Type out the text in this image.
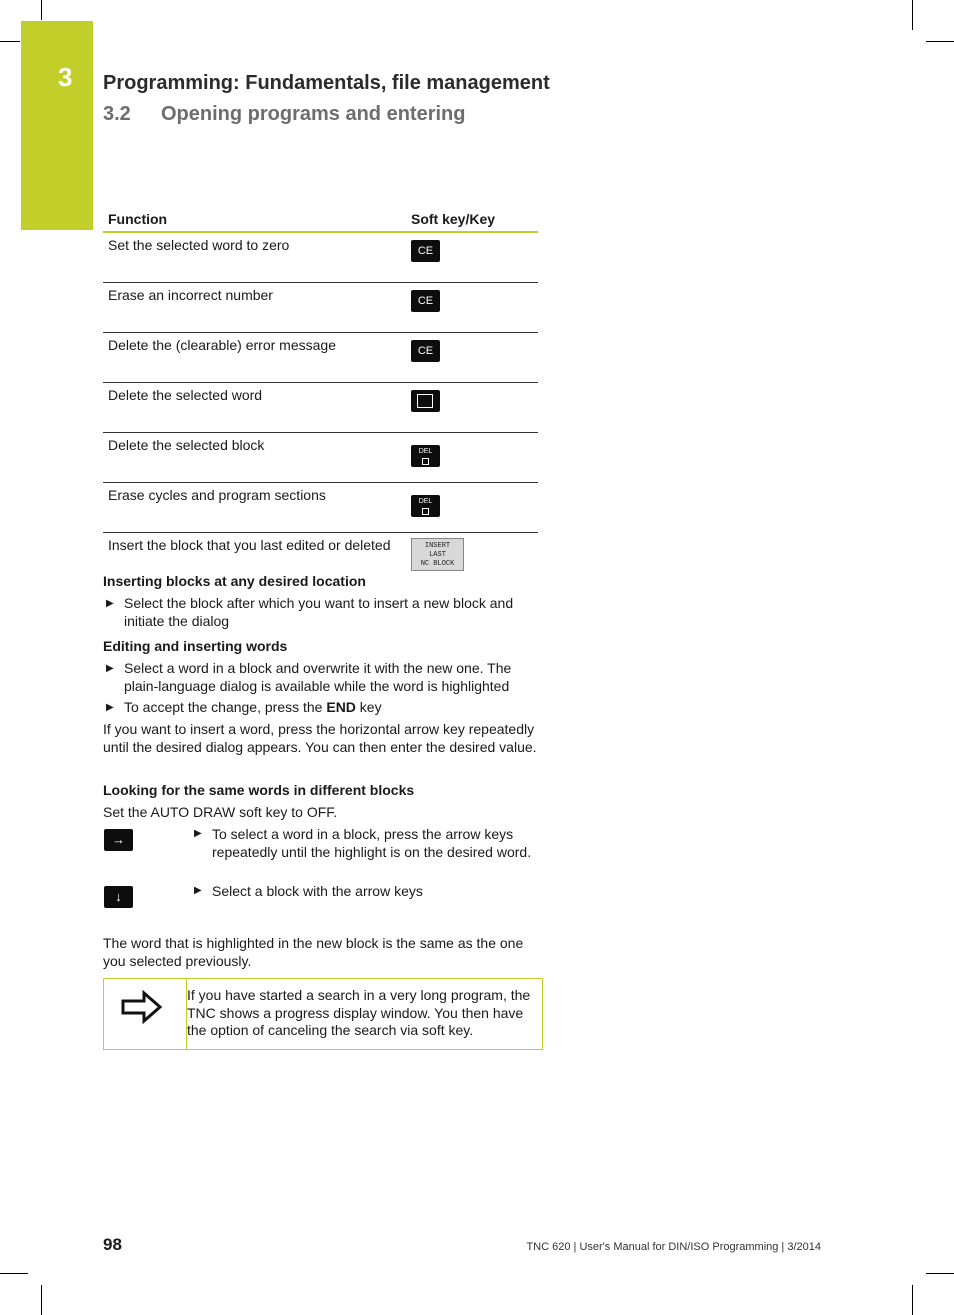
3 Programming: Fundamentals, file management
3.2 Opening programs and entering
Function	Soft key/Key
Set the selected word to zero	CE
Erase an incorrect number	CE
Delete the (clearable) error message	CE
Delete the selected word	
Delete the selected block	DEL

Erase cycles and program sections	DEL

Insert the block that you last edited or deleted	INSERT
LAST
NC BLOCK
Inserting blocks at any desired location
▶ Select the block after which you want to insert a new block and initiate the dialog
Editing and inserting words
▶ Select a word in a block and overwrite it with the new one. The plain-language dialog is available while the word is highlighted
▶ To accept the change, press the END key
If you want to insert a word, press the horizontal arrow key repeatedly until the desired dialog appears. You can then enter the desired value.
Looking for the same words in different blocks
Set the AUTO DRAW soft key to OFF.
→	▶ To select a word in a block, press the arrow keys repeatedly until the highlight is on the desired word.
↓	▶ Select a block with the arrow keys
The word that is highlighted in the new block is the same as the one you selected previously.
If you have started a search in a very long program, the TNC shows a progress display window. You then have the option of canceling the search via soft key.
98	TNC 620 | User's Manual for DIN/ISO Programming | 3/2014
